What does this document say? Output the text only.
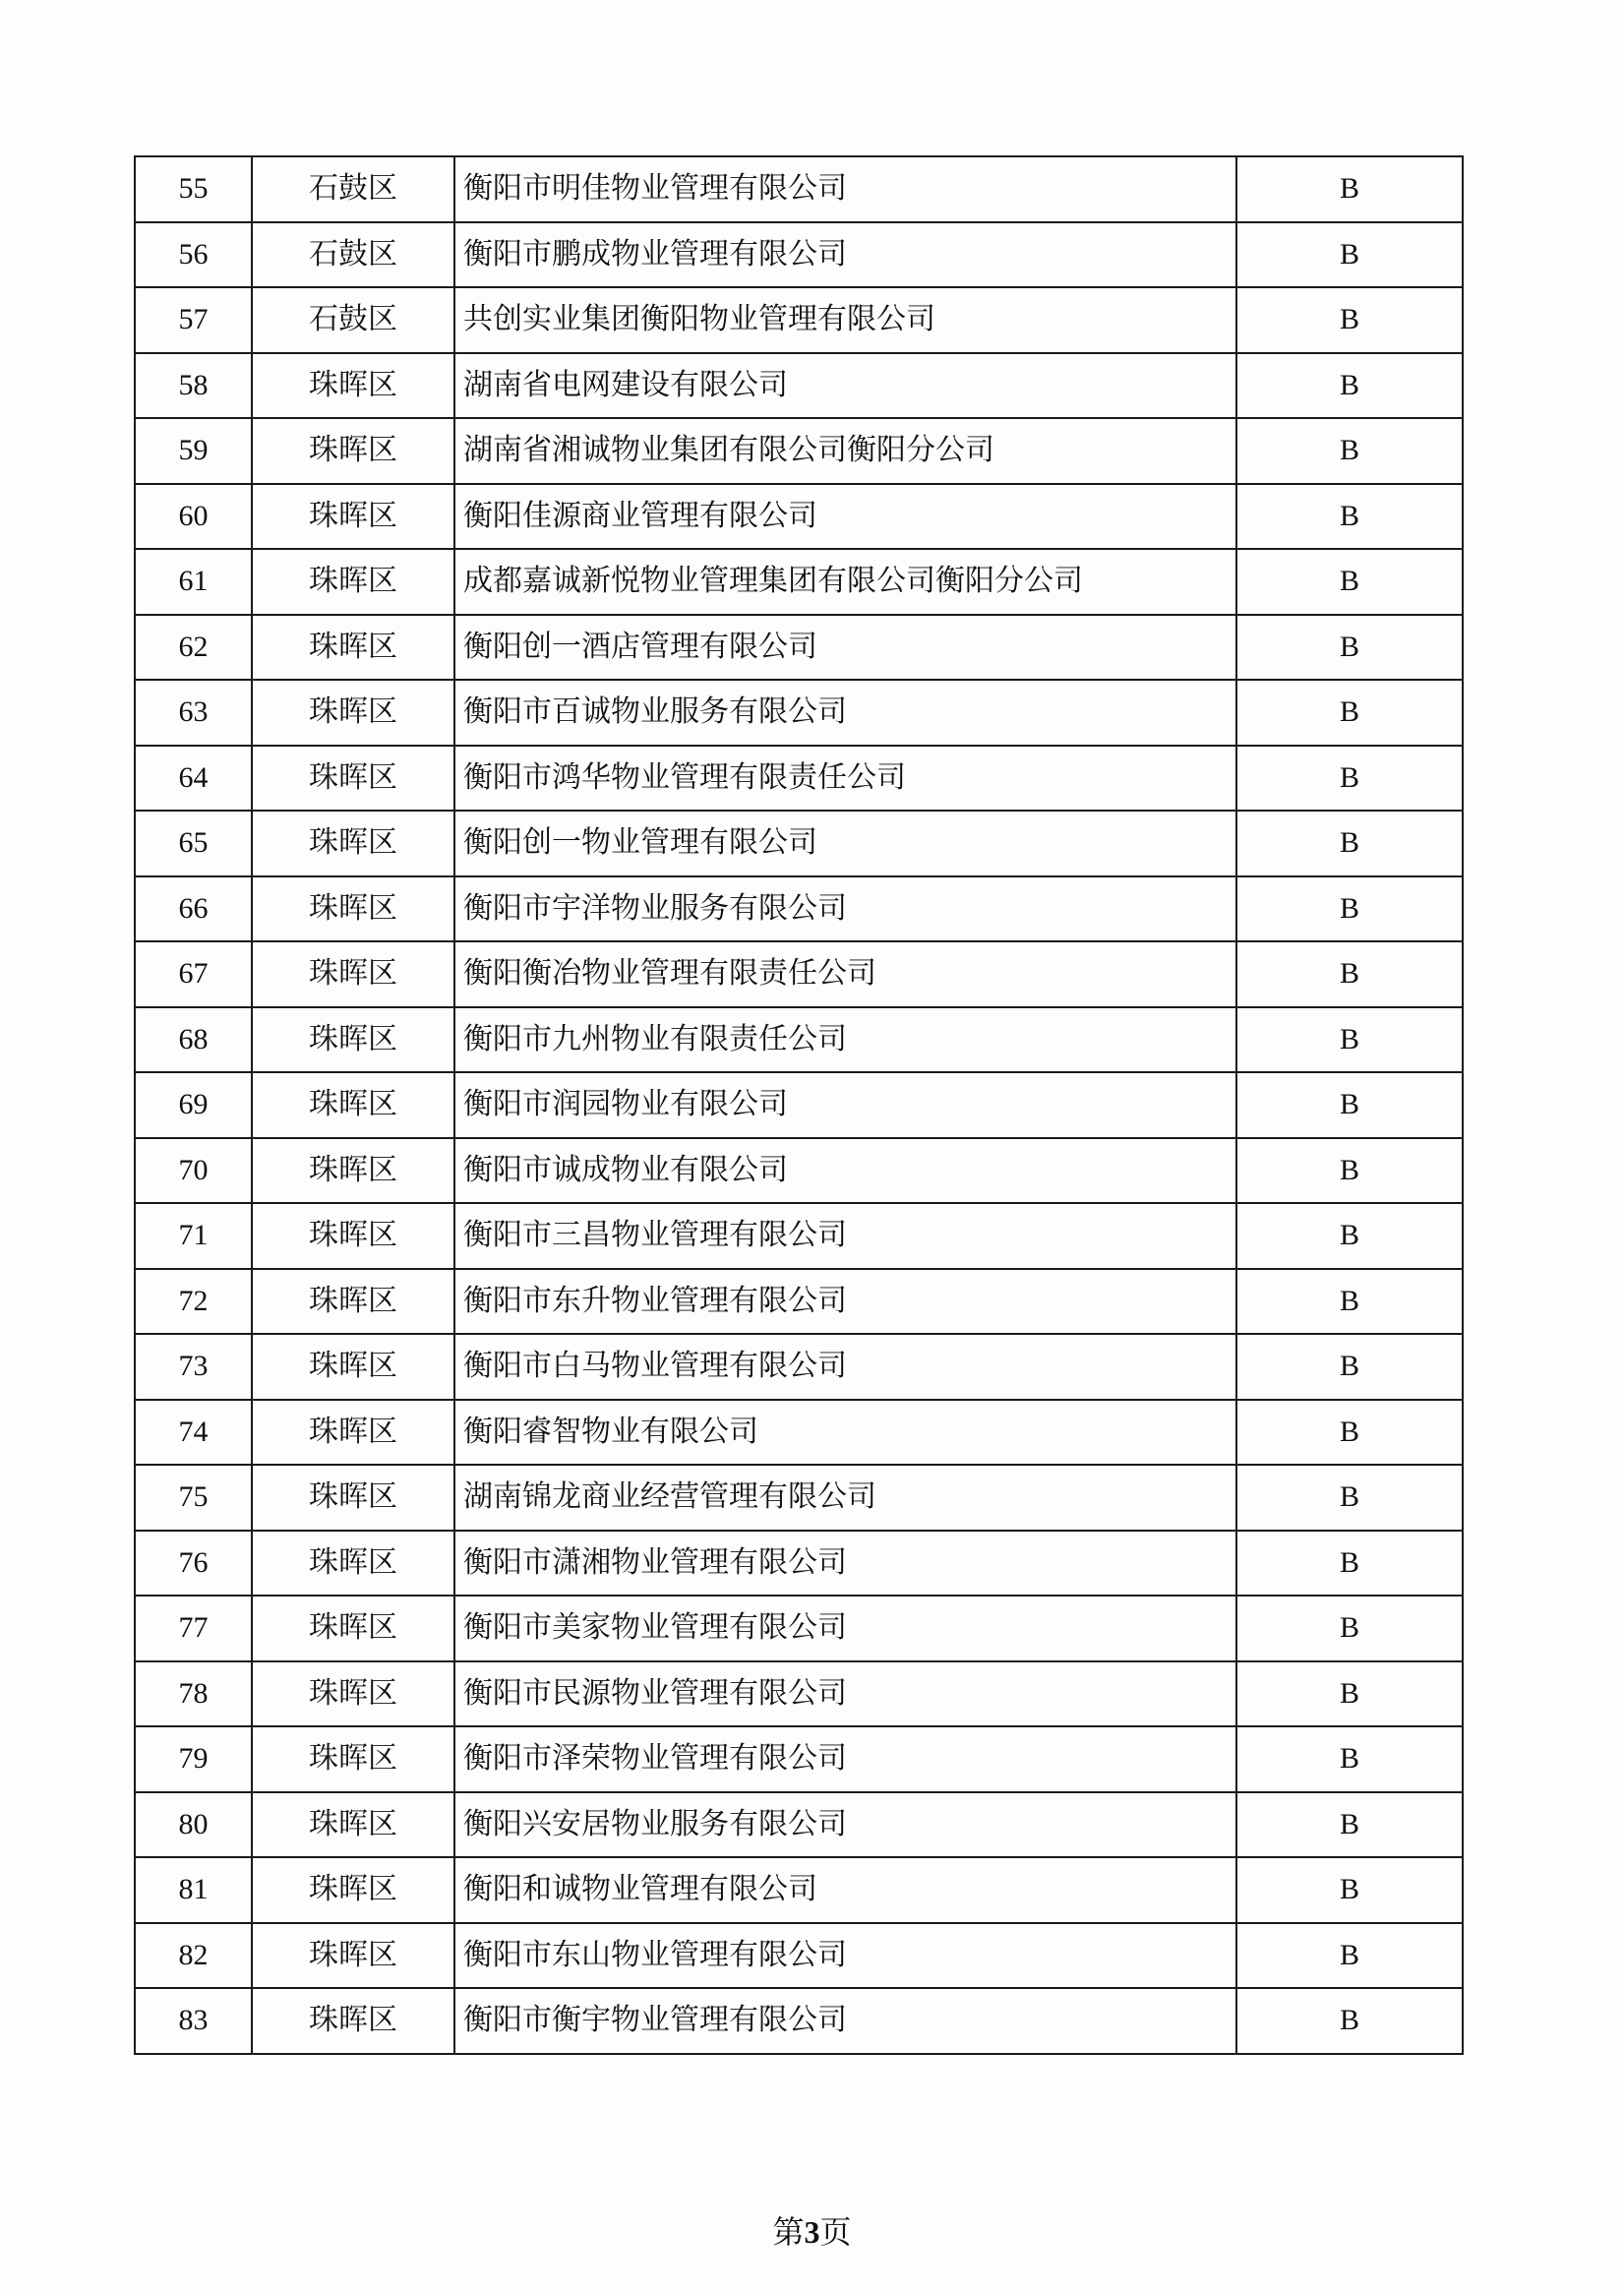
55	石鼓区	衡阳市明佳物业管理有限公司	B
56	石鼓区	衡阳市鹏成物业管理有限公司	B
57	石鼓区	共创实业集团衡阳物业管理有限公司	B
58	珠晖区	湖南省电网建设有限公司	B
59	珠晖区	湖南省湘诚物业集团有限公司衡阳分公司	B
60	珠晖区	衡阳佳源商业管理有限公司	B
61	珠晖区	成都嘉诚新悦物业管理集团有限公司衡阳分公司	B
62	珠晖区	衡阳创一酒店管理有限公司	B
63	珠晖区	衡阳市百诚物业服务有限公司	B
64	珠晖区	衡阳市鸿华物业管理有限责任公司	B
65	珠晖区	衡阳创一物业管理有限公司	B
66	珠晖区	衡阳市宇洋物业服务有限公司	B
67	珠晖区	衡阳衡冶物业管理有限责任公司	B
68	珠晖区	衡阳市九州物业有限责任公司	B
69	珠晖区	衡阳市润园物业有限公司	B
70	珠晖区	衡阳市诚成物业有限公司	B
71	珠晖区	衡阳市三昌物业管理有限公司	B
72	珠晖区	衡阳市东升物业管理有限公司	B
73	珠晖区	衡阳市白马物业管理有限公司	B
74	珠晖区	衡阳睿智物业有限公司	B
75	珠晖区	湖南锦龙商业经营管理有限公司	B
76	珠晖区	衡阳市潇湘物业管理有限公司	B
77	珠晖区	衡阳市美家物业管理有限公司	B
78	珠晖区	衡阳市民源物业管理有限公司	B
79	珠晖区	衡阳市泽荣物业管理有限公司	B
80	珠晖区	衡阳兴安居物业服务有限公司	B
81	珠晖区	衡阳和诚物业管理有限公司	B
82	珠晖区	衡阳市东山物业管理有限公司	B
83	珠晖区	衡阳市衡宇物业管理有限公司	B
第3页
